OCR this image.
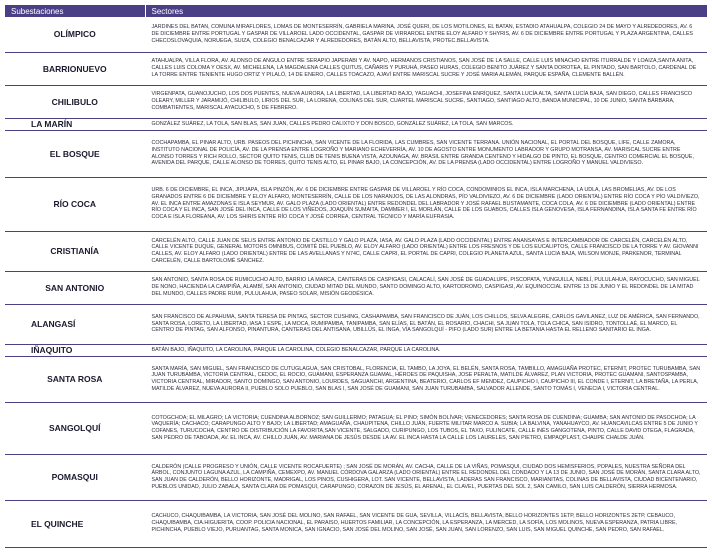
Subestaciones	Sectores
OLÍMPICO	JARDINES DEL BATAN, COMUNA MIRAFLORES, LOMAS DE MONTESERRÍN, GABRIELA MARINA, JOSÉ QUERI, DE LOS MOTILONES, EL BATAN, ESTADIO ATAHUALPA, COLEGIO 24 DE MAYO Y ALREDEDORES, AV. 6 DE DICIEMBRE ENTRE PORTUGAL Y GASPAR DE VILLAROEL LADO OCCIDENTAL, GASPAR DE VIRRAROEL ENTRE ELOY ALFARO Y SHYRIS, AV. 6 DE DICIEMBRE ENTRE PORTUGAL Y PLAZA ARGENTINA, CALLES CHECOSLOVAQUIA, NORUEGA, SUIZA, COLEGIO BENALCAZAR Y ALREDEDORES, BATÁN ALTO, BELLAVISTA, PROTEC.BELLAVISTA.
BARRIONUEVO	ATAHUALPA, VILLA FLORA, AV. ALONSO DE ANGULO ENTRE SERAPIO JAPERABI Y AV. NAPO, HERMANOS CRISTIANOS, SAN JOSÉ DE LA SALLE, CALLE LUIS MINACHO ENTRE ITURRALDE Y LOAIZA,SANTA ANITA, CALLES LUIS COLOMA Y OESX, AV. MICHELENA, LA MAGDALENA CALLES QUITUS, CAÑARIS Y PURUHÁ, PASEO HURAS, COLEGIO BENITO JUÁREZ Y SANTA DOROTEA, EL PINTADO, SAN BARTOLO, CARDENAL DE LA TORRE ENTRE TENIENTE HUGO ORTIZ Y PILALÓ, 14 DE ENERO, CALLES TOACAZO, AJAVÍ ENTRE MARISCAL SUCRE Y JOSÉ MARIA ALEMÁN, PARQUE ESPAÑA, CLEMENTE BALLÉN.
CHILIBULO	VIRGENPATA, GUANOJUCHO, LOS DOS PUENTES, NUEVA AURORA, LA LIBERTAD, LA LIBERTAD BAJO, YAGUACHI, JOSEFINA ENRÍQUEZ, SANTA LUCÍA ALTA, SANTA LUCÍA BAJA, SAN DIEGO, CALLES FRANCISCO OLEARY, MILLER Y JARAMIJÓ, CHILIBULO, LIRIOS DEL SUR, LA LORENA, COLINAS DEL SUR, CUARTEL MARISCAL SUCRE, SANTIAGO, SANTIAGO ALTO, BANDA MUNICIPAL, 10 DE JUNIO, SANTA BÁRBARA, COMBATIENTES, MARISCAL AYACUCHO, 5 DE FEBRERO.
LA MARÍN	GONZÁLEZ SUÁREZ, LA TOLA, SAN BLAS, SAN JUAN, CALLES PEDRO CALIXTO Y DON BOSCO, GONZÁLEZ SUÁREZ, LA TOLA, SAN MARCOS.
EL BOSQUE	COCHAPAMBA, EL PINAR ALTO, URB. PASEOS DEL PICHINCHA, SAN VICENTE DE LA FLORIDA, LAS CUMBRES, SAN VICENTE TERRANA. UNIÓN NACIONAL, EL PORTAL DEL BOSQUE, LIFE, CALLE ZAMORA, INSTITUTO NACIONAL DE POLICÍA, AV. DE LA PRENSA ENTRE LOGROÑO Y MARIANO ECHEVERRÍA, AV. 10 DE AGOSTO ENTRE MONUMENTO LABRADOR Y GRUPO MOTRANSA, AV. MARISCAL SUCRE ENTRE ALONSO TORRES Y RICH ROLLO, SECTOR QUITO TENIS, CLUB DE TENIS BUENA VISTA, AZOUNAGA, AV. BRASIL ENTRE GRANDA CENTENO Y HIDALGO DE PINTO, EL BOSQUE, CENTRO COMERCIAL EL BOSQUE, AVENIDA DEL PARQUE, CALLE ALONSO DE TORRES, QUITO TENIS ALTO, EL PINAR BAJO, LA CONCEPCIÓN, AV. DE LA PRENSA (LADO OCCIDENTAL) ENTRE LOGROÑO Y MANUEL VALDIVIESO.
RÍO COCA	URB. 6 DE DICIEMBRE, EL INCA, JIPIJAPA, ISLA PINZÓN, AV. 6 DE DICIEMBRE ENTRE GASPAR DE VILLAROEL Y RÍO COCA, CONDOMINIOS EL INCA, ISLA MARCHENA, LA UDLA, LAS BROMELIAS, AV. DE LOS GRANADOS ENTRE 6 DE DICIEMBRE Y ELOY ALFARO, MONTESERRÍN, CALLE DE LOS NARANJOS, DE LAS ALONDRAS, PÍO VALDIVIEZO, AV. 6 DE DICIEMBRE (LADO ORIENTAL) ENTRE RÍO COCA Y PÍO VALDIVIEZO, AV. EL INCA ENTRE AMAZONAS E ISLA SEYMUR, AV. GALO PLAZA (LADO ORIENTAL) ENTRE REDONDEL DEL LABRADOR Y JOSÉ RAFAEL BUSTAMANTE, COCA COLA, AV. 6 DE DICIEMBRE (LADO ORIENTAL) ENTRE RÍO COCA Y EL INCA, SAN JOSÉ DEL INCA, CALLE DE LOS VIÑEDOS, JOAQUÍN SUMAITA, DAMMER I, EL MORLÁN, CALLE DE LOS GUABOS, CALLES ISLA GENOVESA, ISLA FERNANDINA, ISLA SANTA FE ENTRE RÍO COCA E ISLA FLOREANA, AV. LOS SHIRIS ENTRE RÍO COCA Y JOSÉ CORREA, CENTRAL TÉCNICO Y MARÍA EUFRASIA.
CRISTIANÍA	CARCELÉN ALTO, CALLE JUAN DE SELIS ENTRE ANTONIO DE CASTILLO Y GALO PLAZA, IASA, AV. GALO PLAZA (LADO OCCIDENTAL) ENTRE ANANSAYAS E INTERCAMBIADOR DE CARCELÉN, CARCELÉN ALTO, CALLE VICENTE DUQUE, GENERAL MOTORS OMNIBUS, COMITÉ DEL PUEBLO, AV. ELOY ALFARO (LADO ORIENTAL) ENTRE LOS FRESNOS Y DE LOS EUCALIPTOS, CALLE FRANCISCO DE LA TORRE Y AV. GIOVANNI CALLES, AV. ELOY ALFARO (LADO ORIENTAL) ENTRE DE LAS AVELLANAS Y N74C, CALLE CAPRI, EL PORTAL DE CAPRI, COLEGIO PLANETA AZUL, SANTA LUCIA BAJA, WILSON MONJE, PARKENOR, TERMINAL CARCELÉN, CALLE BARTOLOMÉ SÁNCHEZ.
SAN ANTONIO	SAN ANTONIO, SANTA ROSA DE RUMICUCHO ALTO, BARRIO LA MARCA, CANTERAS DE CASPIGASI, CALACALÍ, SAN JOSÉ DE GUADALUPE, PISCOPATA, YUNGUILLA, NEBLÍ, PULULAHUA, RAYOCUCHO, SAN MIGUEL DE NONO, HACIENDA LA CAMPIÑA, ALAMBÍ, SAN ANTONIO, CIUDAD MITAD DEL MUNDO, SANTO DOMINGO ALTO, KARTODROMO, CASPIGASI, AV. EQUINOCCIAL ENTRE 13 DE JUNIO Y EL REDONDEL DE LA MITAD DEL MUNDO, CALLES PADRE RUMI, PULULAHUA, PASEO SOLAR, MISIÓN GEODÉSICA.
ALANGASÍ	SAN FRANCISCO DE ALPAHUMA, SANTA TERESA DE PINTAG, SECTOR CUSHING, CASHAPAMBA, SAN FRANCISCO DE JUÁN, LOS CHILLOS, SELVA ALEGRE, CARLOS GAVILANEZ, LUZ DE AMÉRICA, SAN FERNANDO, SANTA ROSA, LORETO, LA LIBERTAD, IASA 1 ESPE, LA MOCA, RUMIPAMBA, TANIPAMBA, SAN ELÍAS, EL BATÁN, EL ROSARIO, CHACHI, SA JUAN TOLA, TOLA CHICA, SAN ISIDRO, TONTOLLAÉ, EL MARCO, EL CENTRO DE PINTAG, SAN ALFONSO, PINANTURA, CANTERAS DEL ANTISANA, UBILLÚS, EL INGA, VÍA SANGOLQUÍ - PIFO (LADO SUR) ENTRE LA BETANIA HASTA EL RELLENO SANITARIO EL INGA.
IÑAQUITO	BATÁN BAJO, IÑAQUITO, LA CAROLINA, PARQUE LA CAROLINA, COLEGIO BENALCAZAR, PARQUE LA CAROLINA.
SANTA ROSA	SANTA MARÍA, SAN MIGUEL, SAN FRANCISCO DE CUTUGLAGUA, SAN CRISTOBAL, FLORENCIA, EL TAMBO, LA JOYA, EL BELÉN, SANTA ROSA, TAMBILLO, AMAGUAÑA PROTEC, ETERNIT, PROTEC TURUBAMBA, SAN JUAN TURUBAMBA, VICTORIA CENTRAL, CEDOC, EL ROCIO, GUAMANI, ESPERANZA GUAMAL, HÉROES DE PAQUISHA, JOSE PERALTA, MATILDE ÁLVAREZ, PLAN VICTORIA, PROTEC GUAMANI, SANTOSPAMBA, VICTORIA CENTRAL, MIRADOR, SANTO DOMINGO, SAN ANTONIO, LOURDES, SAGUANCHI, ARGENTINA, BEATERIO, CARLOS EF MENDEZ, CAUPICHO I, CAUPICHO III, EL CONDE I, ETERNIT, LA BRETAÑA, LA PERLA, MATILDE ÁLVAREZ, NUEVA AURORA II, PUEBLO SOLO PUEBLO, SAN BLAS I, SAN JOSÉ DE GUAMANI, SAN JUAN TURUBAMBA, SALVADOR ALLENDE, SANTO TOMÁS I, VENECIA I, VICTORIA CENTRAL.
SANGOLQUÍ	COTOGCHOA; EL MILAGRO; LA VICTORIA; CUENDINA ALBORNOZ; SAN GUILLERMO; PATAGUA; EL PINO; SIMÓN BOLÍVAR; VENECEDORES; SANTA ROSA DE CUENDINA; GUAMBA; SAN ANTONIO DE PASOCHOA; LA VAQUERÍA; CACHACO; CARAPUNGO ALTO Y BAJO; LA LIBERTAD; AMAGUAÑA, CHAUPITENA, CHILLO JUÁN, FUERTE MILITAR MARCO A. SUBIA; LA BALVINA, YANAHUAYCO, AV. HUANCAVILCAS ENTRE 5 DE JUNIO Y COFANES, TURUCOCHA, CENTRO DE DISTRIBUCIÓN LA FAVORITA,SAN VICENTE, SALGADO, CURIPUNGO, LOS TUBOS, EL TAXO, FULINCATE, CALLE INÉS GANGOTENA, PINTO, CALLE DAVID OTEGA, FLAGRADA, SAN PEDRO DE TABOADA, AV. EL INCA, AV. CHILLO JUÁN, AV. MARIANA DE JESÚS DESDE LA AV. EL INCA HASTA LA CALLE LOS LAURELES, SAN PIETRO, EMPAQPLAST, CHAUPE CHALDE JUÁN.
POMASQUI	CALDERÓN (CALLE PROGRESO Y UNIÓN, CALLE VICENTE ROCAFUERTE) ; SAN JOSÉ DE MORÁN, AV. CACHA, CALLE DE LA VIÑAS, POMASQUI, CIUDAD DOS HEMISFERIOS, POPALES, NUESTRA SEÑORA DEL ÁRBOL, CONJUNTO LAGUNA AZUL, LA CAMPIÑA, CEMEXPO, AV. MANUEL CÓRDOVA GALARZA (LADO ORIENTAL) ENTRE EL REDONDEL DEL CONDADO Y LA 13 DE JUNIO, SAN JOSÉ DE MORÁN, SANTA CLARA ALTO, SAN JUAN DE CALDERÓN, BELLO HORIZONTE, MADRIGAL, LOS PINOS, CUSHIGERA, LOT. SAN VICENTE, BELLAVISTA, LADERAS SAN FRANCISCO, MARIANITAS, COLINAS DE BELLAVISTA, CIUDAD BICENTENARIO, PUEBLOS UNIDAD, JULIO ZABALA, SANTA CLARA DE POMASQUI, CARAPUNGO, CORAZON DE JESÚS, EL ARENAL, EL CLAVEL, PUERTAS DEL SOL 2, SAN CAMILO, SAN LUIS CALDERÓN, SIERRA HERMOSA.
EL QUINCHE	CACHUCO, CHAQUIBAMBA, LA VICTORIA, SAN JOSÉ DEL MOLINO, SAN RAFAEL, SAN VICENTE DE GUA, SEVILLA, VILLACÍS, BELLAVISTA, BELLO HORIZONTES 1ETP, BELLO HORIZONTES 2ETP, CEBAUCO, CHAQUIBAMBA, CIA.HIGUERITA, COOP. POLICIA NACIONAL, EL PARAISO, HUERTOS FAMILIAR, LA CONCEPCIÓN, LA ESPERANZA, LA MERCED, LA SOFÍA, LOS MOLINOS, NUEVA ESPERANZA, PATRIA LIBRE, PICHINCHA, PUEBLO VIEJO, PURUANTAG, SANTA MONICA, SAN IGNACIO, SAN JOSÉ DEL MOLINO, SAN JOSÉ, SAN JUAN, SAN LORENZO, SAN LUIS, SAN MIGUEL QUINCHE, SAN PEDRO, SAN RAFAEL.
